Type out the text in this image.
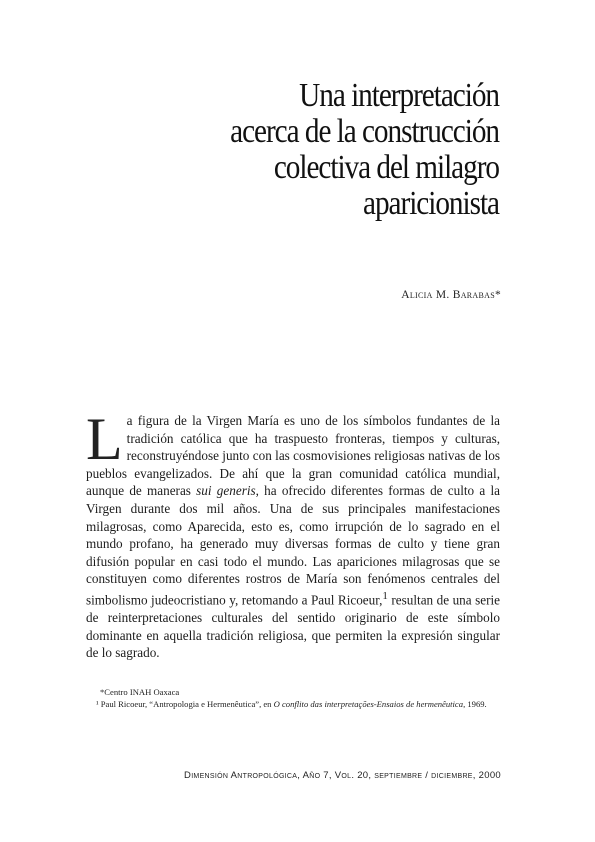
Una interpretación
acerca de la construcción
colectiva del milagro
aparicionista
Alicia M. Barabas*

La figura de la Virgen María es uno de los símbolos fundantes de la tradición católica que ha traspuesto fronteras, tiempos y culturas, reconstruyéndose junto con las cosmovisiones religiosas nativas de los pueblos evangelizados. De ahí que la gran comunidad católica mundial, aunque de maneras sui generis, ha ofrecido diferentes formas de culto a la Virgen durante dos mil años. Una de sus principales manifestaciones milagrosas, como Aparecida, esto es, como irrupción de lo sagrado en el mundo profano, ha generado muy diversas formas de culto y tiene gran difusión popular en casi todo el mundo. Las apariciones milagrosas que se constituyen como diferentes rostros de María son fenómenos centrales del simbolismo judeocristiano y, retomando a Paul Ricoeur,$^1$ resultan de una serie de reinterpretaciones culturales del sentido originario de este símbolo dominante en aquella tradición religiosa, que permiten la expresión singular de lo sagrado.

*Centro INAH Oaxaca

¹ Paul Ricoeur, “Antropologia e Hermenêutica”, en O conflito das interpretações-Ensaios de hermenêutica, 1969.

Dimensión Antropológica, Año 7, Vol. 20, septiembre / diciembre, 2000
